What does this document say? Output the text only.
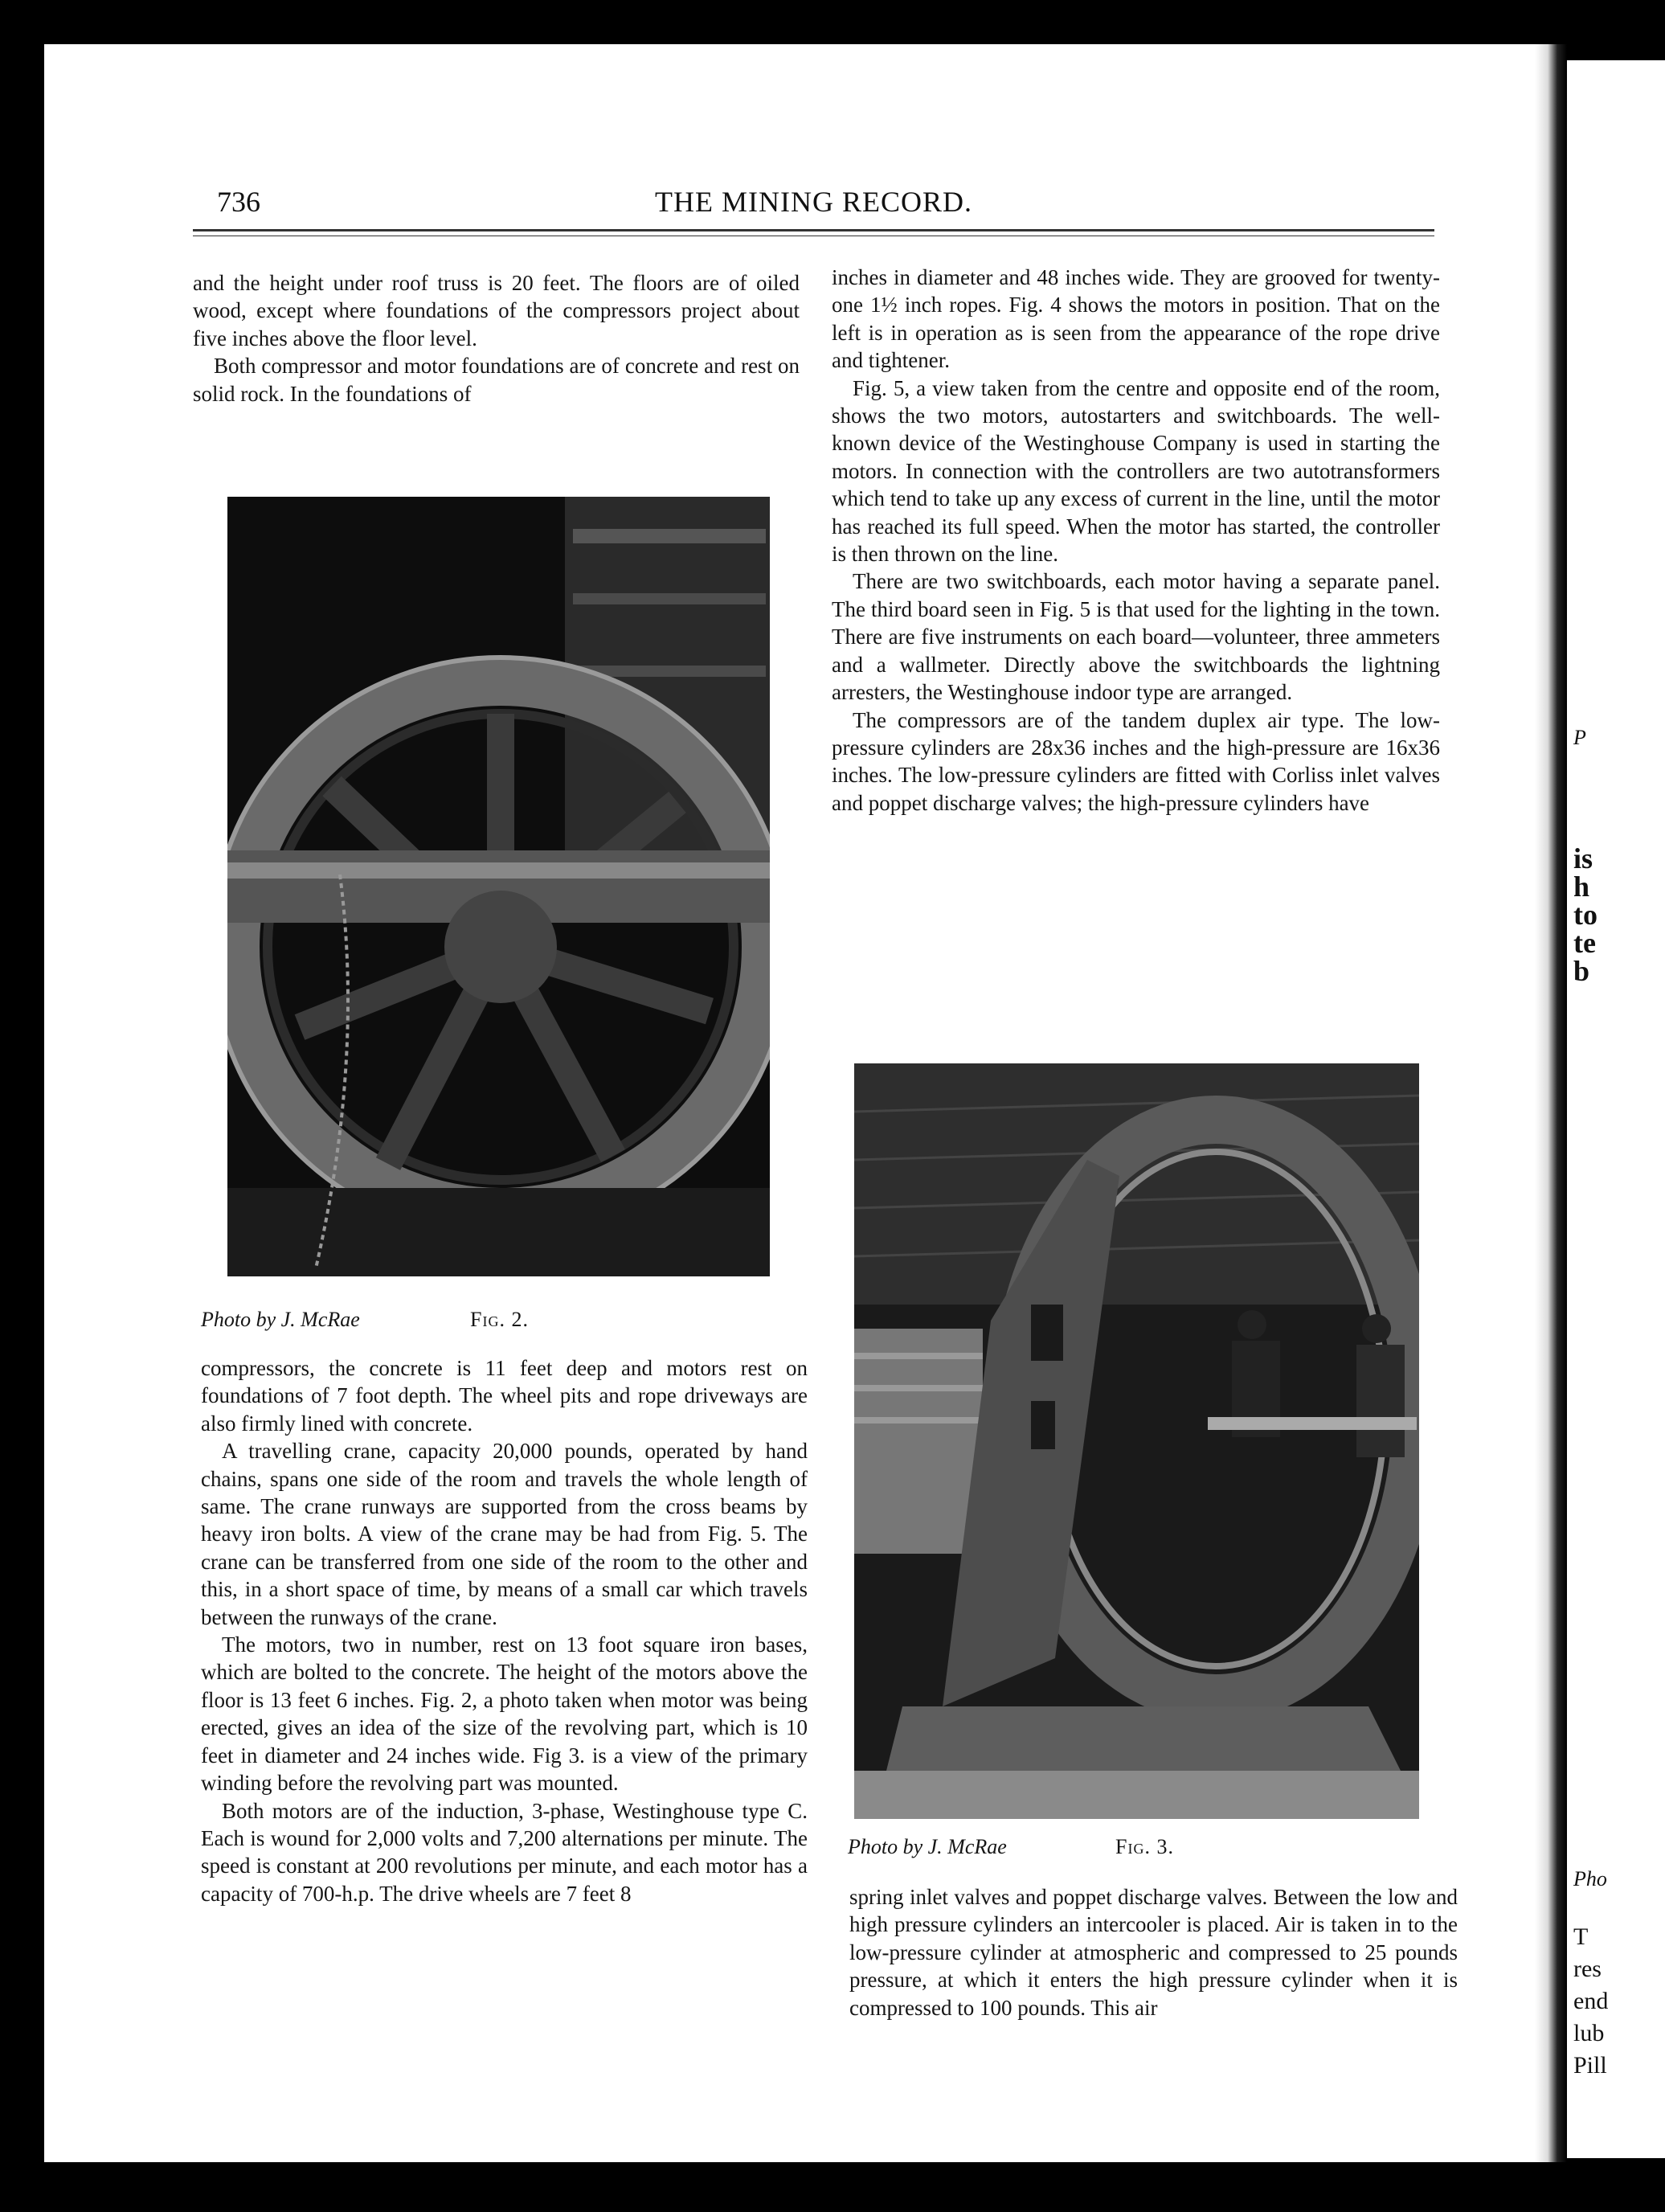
P
is
h
to
te
b
Pho
T
res
end
lub
Pill
736	THE MINING RECORD.

and the height under roof truss is 20 feet. The floors are of oiled wood, except where foundations of the compressors project about five inches above the floor level.

Both compressor and motor foundations are of concrete and rest on solid rock. In the foundations of

Photo by J. McRae	Fig. 2.

compressors, the concrete is 11 feet deep and motors rest on foundations of 7 foot depth. The wheel pits and rope driveways are also firmly lined with concrete.

A travelling crane, capacity 20,000 pounds, operated by hand chains, spans one side of the room and travels the whole length of same. The crane runways are supported from the cross beams by heavy iron bolts. A view of the crane may be had from Fig. 5. The crane can be transferred from one side of the room to the other and this, in a short space of time, by means of a small car which travels between the runways of the crane.

The motors, two in number, rest on 13 foot square iron bases, which are bolted to the concrete. The height of the motors above the floor is 13 feet 6 inches. Fig. 2, a photo taken when motor was being erected, gives an idea of the size of the revolving part, which is 10 feet in diameter and 24 inches wide. Fig 3. is a view of the primary winding before the revolving part was mounted.

Both motors are of the induction, 3-phase, Westinghouse type C. Each is wound for 2,000 volts and 7,200 alternations per minute. The speed is constant at 200 revolutions per minute, and each motor has a capacity of 700-h.p. The drive wheels are 7 feet 8

inches in diameter and 48 inches wide. They are grooved for twenty-one 1½ inch ropes. Fig. 4 shows the motors in position. That on the left is in operation as is seen from the appearance of the rope drive and tightener.

Fig. 5, a view taken from the centre and opposite end of the room, shows the two motors, autostarters and switchboards. The well-known device of the Westinghouse Company is used in starting the motors. In connection with the controllers are two autotransformers which tend to take up any excess of current in the line, until the motor has reached its full speed. When the motor has started, the controller is then thrown on the line.

There are two switchboards, each motor having a separate panel. The third board seen in Fig. 5 is that used for the lighting in the town. There are five instruments on each board—volunteer, three ammeters and a wallmeter. Directly above the switchboards the lightning arresters, the Westinghouse indoor type are arranged.

The compressors are of the tandem duplex air type. The low-pressure cylinders are 28x36 inches and the high-pressure are 16x36 inches. The low-pressure cylinders are fitted with Corliss inlet valves and poppet discharge valves; the high-pressure cylinders have

Photo by J. McRae	Fig. 3.

spring inlet valves and poppet discharge valves. Between the low and high pressure cylinders an intercooler is placed. Air is taken in to the low-pressure cylinder at atmospheric and compressed to 25 pounds pressure, at which it enters the high pressure cylinder when it is compressed to 100 pounds. This air
